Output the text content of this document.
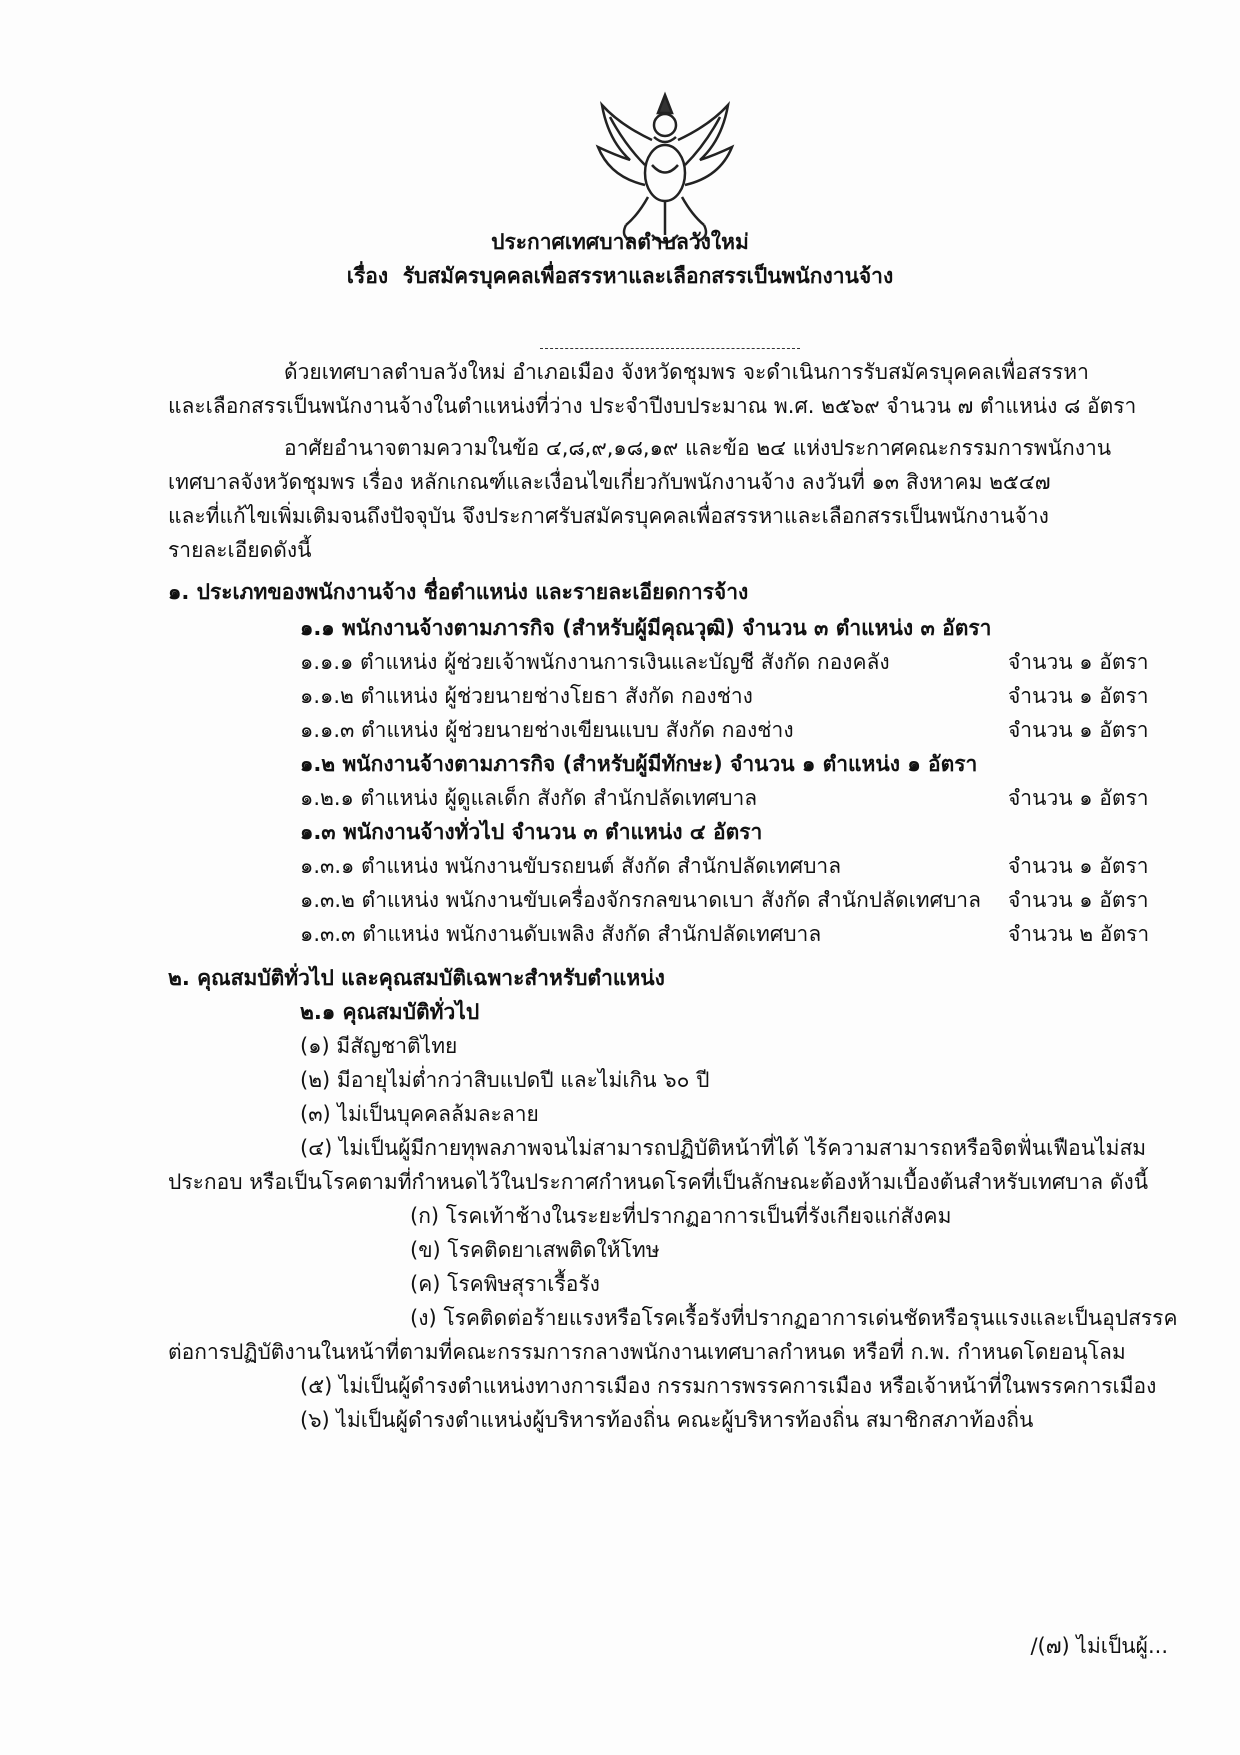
ประกาศเทศบาลตำบลวังใหม่
เรื่อง รับสมัครบุคคลเพื่อสรรหาและเลือกสรรเป็นพนักงานจ้าง
ด้วยเทศบาลตำบลวังใหม่ อำเภอเมือง จังหวัดชุมพร จะดำเนินการรับสมัครบุคคลเพื่อสรรหา
และเลือกสรรเป็นพนักงานจ้างในตำแหน่งที่ว่าง ประจำปีงบประมาณ พ.ศ. ๒๕๖๙ จำนวน ๗ ตำแหน่ง ๘ อัตรา
อาศัยอำนาจตามความในข้อ ๔,๘,๙,๑๘,๑๙ และข้อ ๒๔ แห่งประกาศคณะกรรมการพนักงาน
เทศบาลจังหวัดชุมพร เรื่อง หลักเกณฑ์และเงื่อนไขเกี่ยวกับพนักงานจ้าง ลงวันที่ ๑๓ สิงหาคม ๒๕๔๗
และที่แก้ไขเพิ่มเติมจนถึงปัจจุบัน จึงประกาศรับสมัครบุคคลเพื่อสรรหาและเลือกสรรเป็นพนักงานจ้าง
รายละเอียดดังนี้
๑. ประเภทของพนักงานจ้าง ชื่อตำแหน่ง และรายละเอียดการจ้าง
๑.๑ พนักงานจ้างตามภารกิจ (สำหรับผู้มีคุณวุฒิ) จำนวน ๓ ตำแหน่ง ๓ อัตรา
๑.๑.๑ ตำแหน่ง ผู้ช่วยเจ้าพนักงานการเงินและบัญชี สังกัด กองคลัง	จำนวน ๑ อัตรา
๑.๑.๒ ตำแหน่ง ผู้ช่วยนายช่างโยธา สังกัด กองช่าง	จำนวน ๑ อัตรา
๑.๑.๓ ตำแหน่ง ผู้ช่วยนายช่างเขียนแบบ สังกัด กองช่าง	จำนวน ๑ อัตรา
๑.๒ พนักงานจ้างตามภารกิจ (สำหรับผู้มีทักษะ) จำนวน ๑ ตำแหน่ง ๑ อัตรา
๑.๒.๑ ตำแหน่ง ผู้ดูแลเด็ก สังกัด สำนักปลัดเทศบาล	จำนวน ๑ อัตรา
๑.๓ พนักงานจ้างทั่วไป จำนวน ๓ ตำแหน่ง ๔ อัตรา
๑.๓.๑ ตำแหน่ง พนักงานขับรถยนต์ สังกัด สำนักปลัดเทศบาล	จำนวน ๑ อัตรา
๑.๓.๒ ตำแหน่ง พนักงานขับเครื่องจักรกลขนาดเบา สังกัด สำนักปลัดเทศบาล จำนวน ๑ อัตรา
๑.๓.๓ ตำแหน่ง พนักงานดับเพลิง สังกัด สำนักปลัดเทศบาล	จำนวน ๒ อัตรา
๒. คุณสมบัติทั่วไป และคุณสมบัติเฉพาะสำหรับตำแหน่ง
๒.๑ คุณสมบัติทั่วไป
(๑) มีสัญชาติไทย
(๒) มีอายุไม่ต่ำกว่าสิบแปดปี และไม่เกิน ๖๐ ปี
(๓) ไม่เป็นบุคคลล้มละลาย
(๔) ไม่เป็นผู้มีกายทุพลภาพจนไม่สามารถปฏิบัติหน้าที่ได้ ไร้ความสามารถหรือจิตฟั่นเฟือนไม่สม
ประกอบ หรือเป็นโรคตามที่กำหนดไว้ในประกาศกำหนดโรคที่เป็นลักษณะต้องห้ามเบื้องต้นสำหรับเทศบาล ดังนี้
(ก) โรคเท้าช้างในระยะที่ปรากฏอาการเป็นที่รังเกียจแก่สังคม
(ข) โรคติดยาเสพติดให้โทษ
(ค) โรคพิษสุราเรื้อรัง
(ง) โรคติดต่อร้ายแรงหรือโรคเรื้อรังที่ปรากฏอาการเด่นชัดหรือรุนแรงและเป็นอุปสรรค
ต่อการปฏิบัติงานในหน้าที่ตามที่คณะกรรมการกลางพนักงานเทศบาลกำหนด หรือที่ ก.พ. กำหนดโดยอนุโลม
(๕) ไม่เป็นผู้ดำรงตำแหน่งทางการเมือง กรรมการพรรคการเมือง หรือเจ้าหน้าที่ในพรรคการเมือง
(๖) ไม่เป็นผู้ดำรงตำแหน่งผู้บริหารท้องถิ่น คณะผู้บริหารท้องถิ่น สมาชิกสภาท้องถิ่น
/(๗) ไม่เป็นผู้...
